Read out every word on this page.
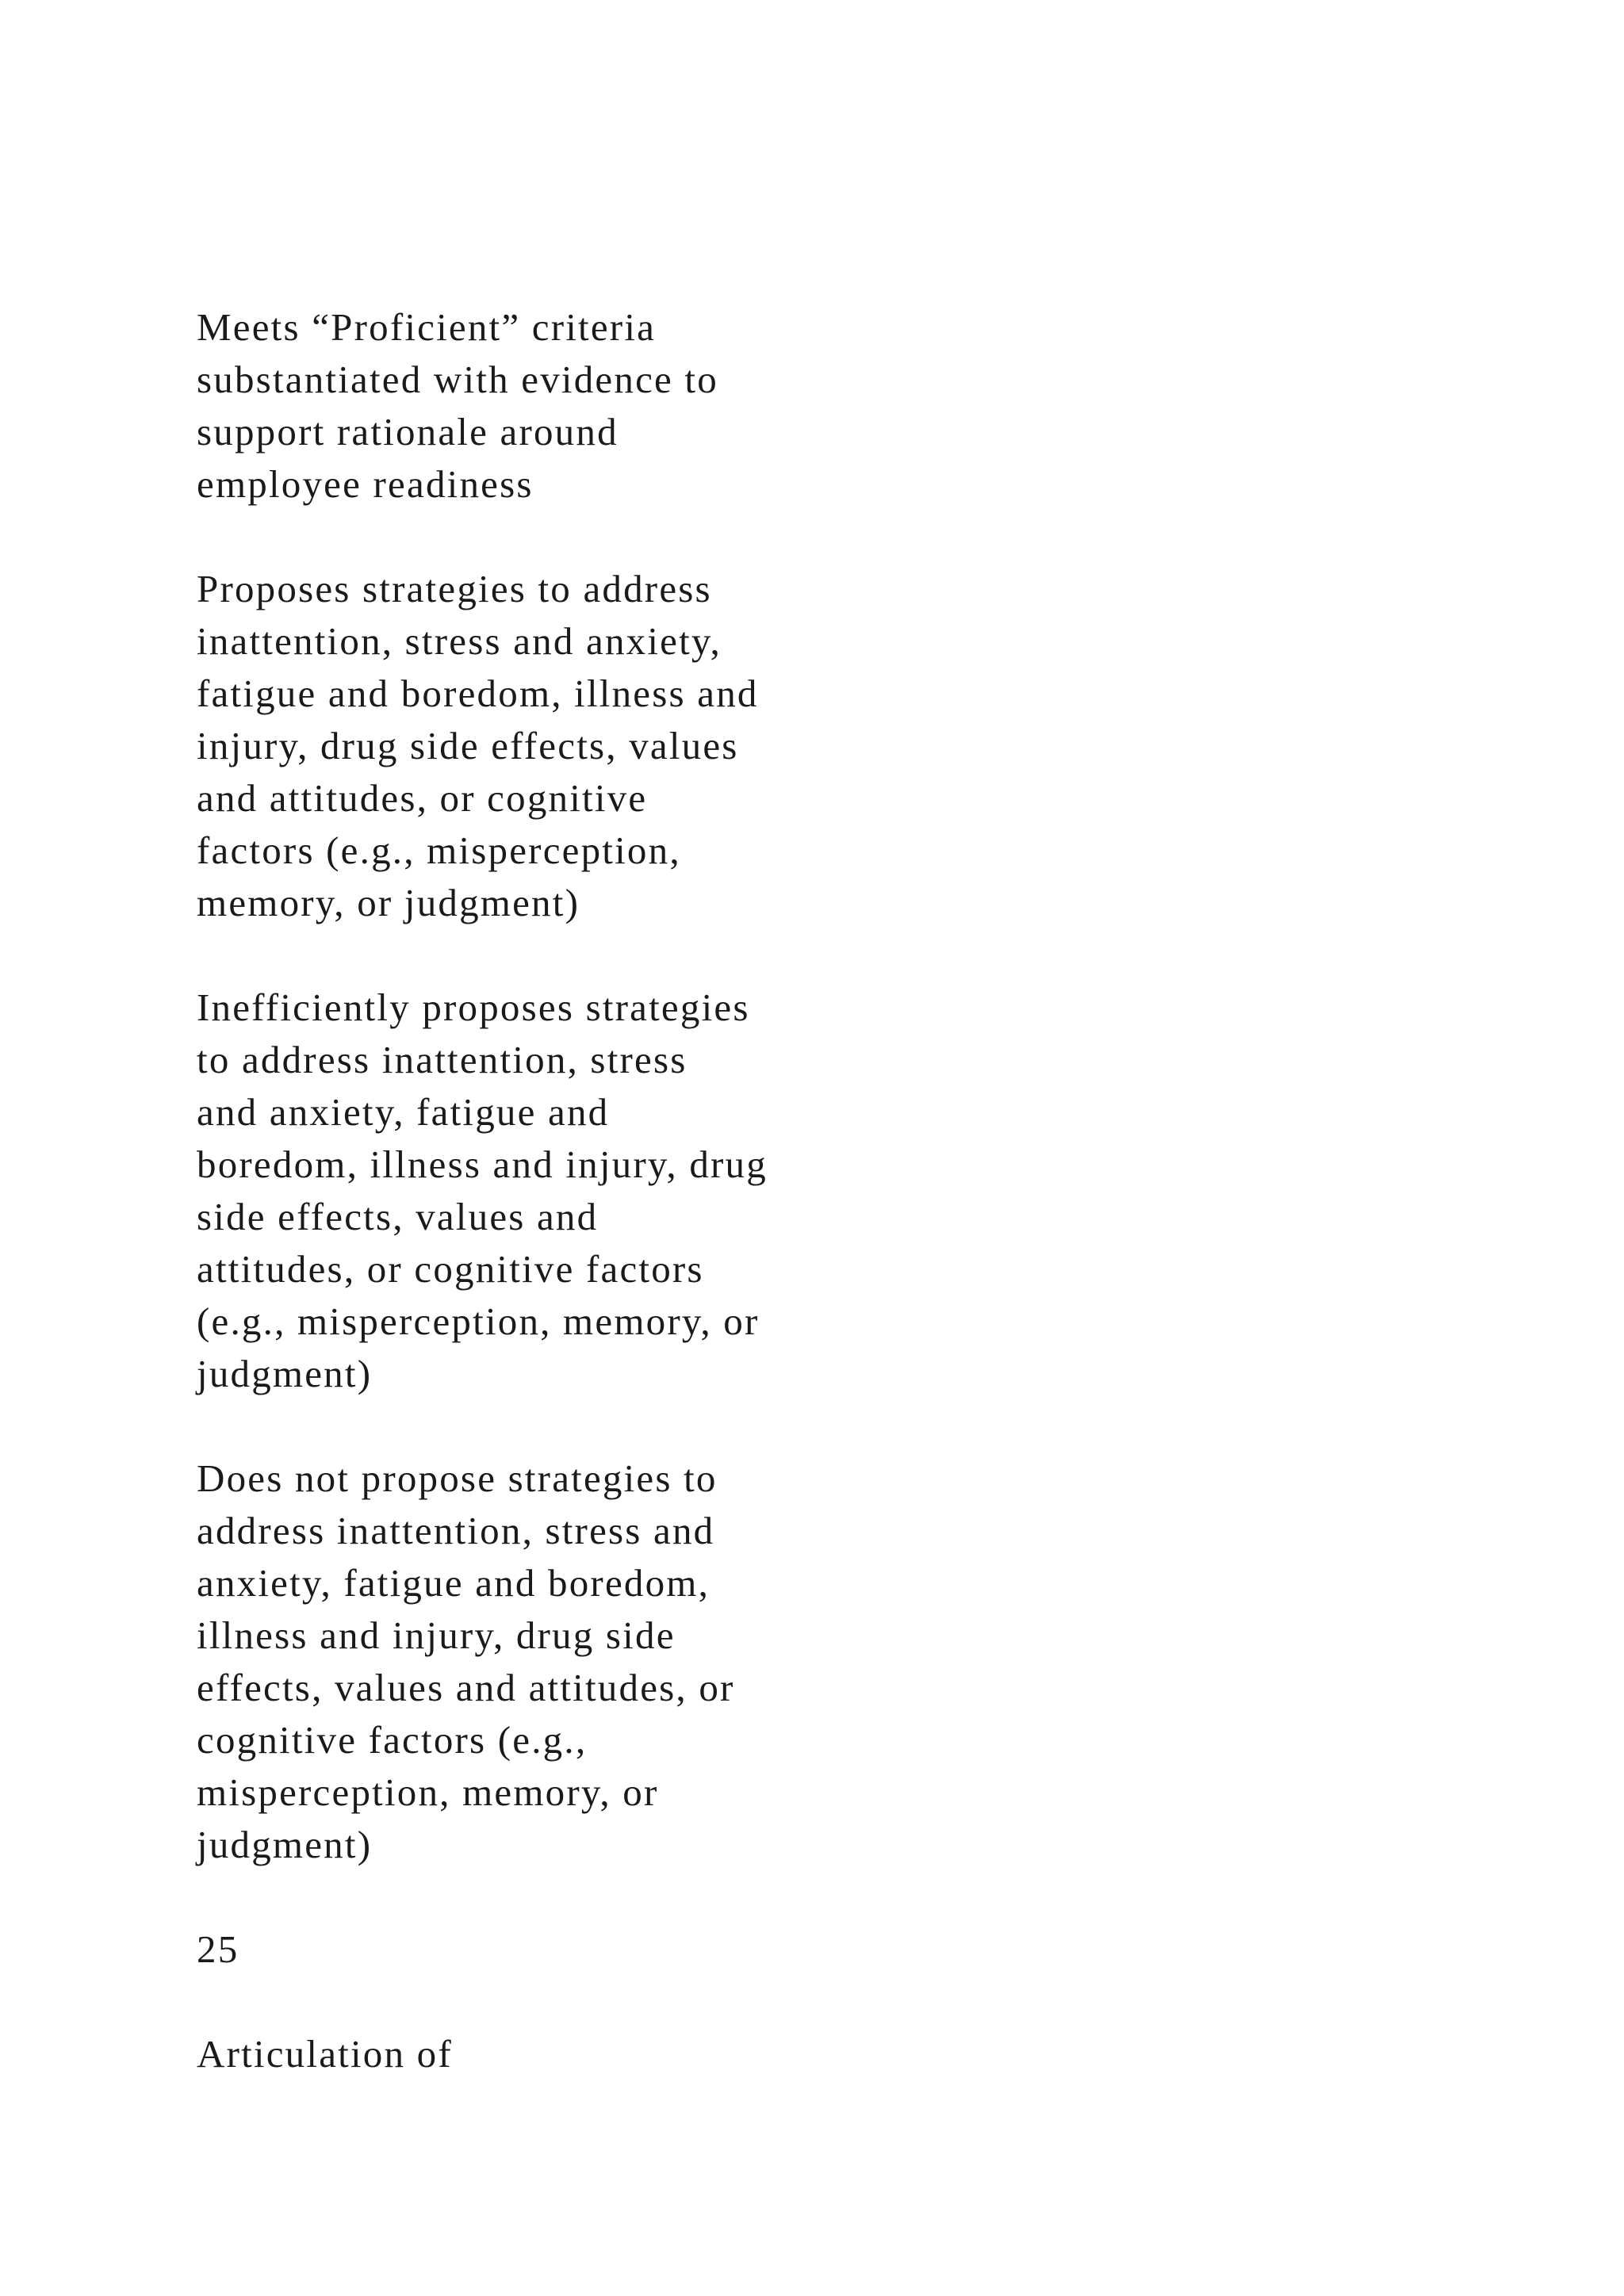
Meets “Proficient” criteria
substantiated with evidence to
support rationale around
employee readiness

Proposes strategies to address
inattention, stress and anxiety,
fatigue and boredom, illness and
injury, drug side effects, values
and attitudes, or cognitive
factors (e.g., misperception,
memory, or judgment)

Inefficiently proposes strategies
to address inattention, stress
and anxiety, fatigue and
boredom, illness and injury, drug
side effects, values and
attitudes, or cognitive factors
(e.g., misperception, memory, or
judgment)

Does not propose strategies to
address inattention, stress and
anxiety, fatigue and boredom,
illness and injury, drug side
effects, values and attitudes, or
cognitive factors (e.g.,
misperception, memory, or
judgment)

25

Articulation of
